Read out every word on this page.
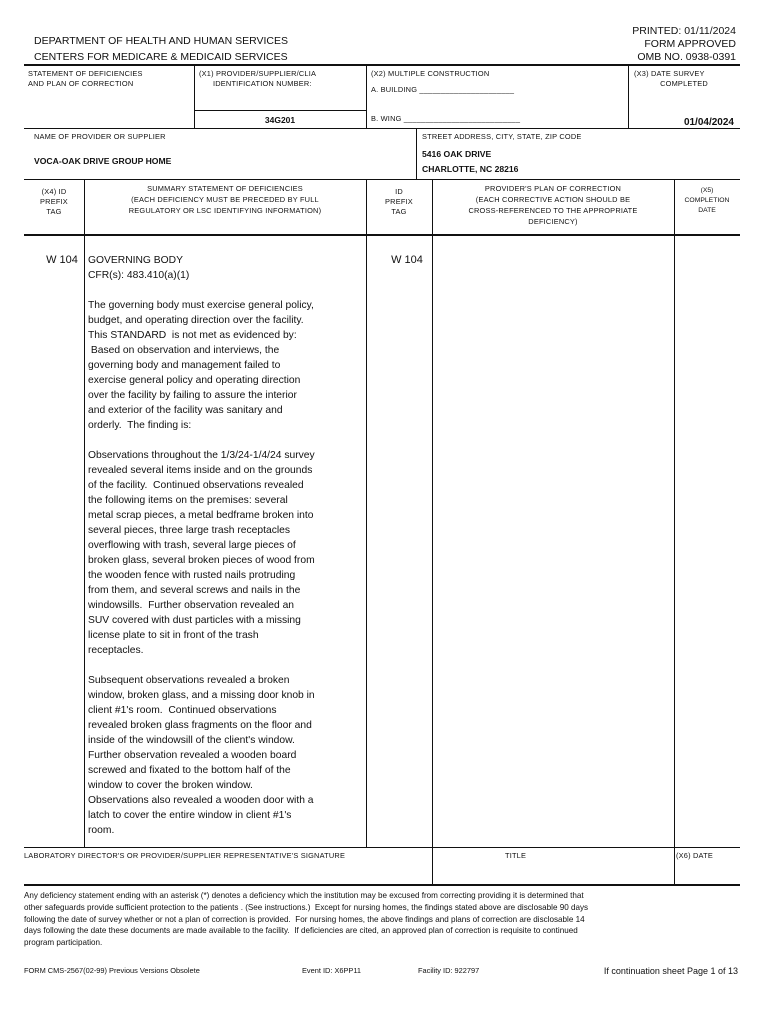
PRINTED: 01/11/2024
FORM APPROVED
OMB NO. 0938-0391
DEPARTMENT OF HEALTH AND HUMAN SERVICES
CENTERS FOR MEDICARE & MEDICAID SERVICES
STATEMENT OF DEFICIENCIES
AND PLAN OF CORRECTION
(X1) PROVIDER/SUPPLIER/CLIA
IDENTIFICATION NUMBER:
34G201
(X2) MULTIPLE CONSTRUCTION
A. BUILDING ______________________
B. WING ___________________________
(X3) DATE SURVEY
COMPLETED
01/04/2024
NAME OF PROVIDER OR SUPPLIER
VOCA-OAK DRIVE GROUP HOME
STREET ADDRESS, CITY, STATE, ZIP CODE
5416 OAK DRIVE
CHARLOTTE, NC 28216
(X4) ID
PREFIX
TAG
SUMMARY STATEMENT OF DEFICIENCIES
(EACH DEFICIENCY MUST BE PRECEDED BY FULL
REGULATORY OR LSC IDENTIFYING INFORMATION)
ID
PREFIX
TAG
PROVIDER'S PLAN OF CORRECTION
(EACH CORRECTIVE ACTION SHOULD BE
CROSS-REFERENCED TO THE APPROPRIATE
DEFICIENCY)
(X5)
COMPLETION
DATE
W 104 GOVERNING BODY
CFR(s): 483.410(a)(1)

The governing body must exercise general policy,
budget, and operating direction over the facility.
This STANDARD  is not met as evidenced by:
Based on observation and interviews, the
governing body and management failed to
exercise general policy and operating direction
over the facility by failing to assure the interior
and exterior of the facility was sanitary and
orderly.  The finding is:

Observations throughout the 1/3/24-1/4/24 survey
revealed several items inside and on the grounds
of the facility.  Continued observations revealed
the following items on the premises: several
metal scrap pieces, a metal bedframe broken into
several pieces, three large trash receptacles
overflowing with trash, several large pieces of
broken glass, several broken pieces of wood from
the wooden fence with rusted nails protruding
from them, and several screws and nails in the
windowsills.  Further observation revealed an
SUV covered with dust particles with a missing
license plate to sit in front of the trash
receptacles.

Subsequent observations revealed a broken
window, broken glass, and a missing door knob in
client #1's room.  Continued observations
revealed broken glass fragments on the floor and
inside of the windowsill of the client's window.
Further observation revealed a wooden board
screwed and fixated to the bottom half of the
window to cover the broken window.
Observations also revealed a wooden door with a
latch to cover the entire window in client #1's
room.
W 104
LABORATORY DIRECTOR'S OR PROVIDER/SUPPLIER REPRESENTATIVE'S SIGNATURE	TITLE	(X6) DATE
Any deficiency statement ending with an asterisk (*) denotes a deficiency which the institution may be excused from correcting providing it is determined that
other safeguards provide sufficient protection to the patients . (See instructions.)  Except for nursing homes, the findings stated above are disclosable 90 days
following the date of survey whether or not a plan of correction is provided.  For nursing homes, the above findings and plans of correction are disclosable 14
days following the date these documents are made available to the facility.  If deficiencies are cited, an approved plan of correction is requisite to continued
program participation.
FORM CMS-2567(02-99) Previous Versions Obsolete	Event ID: X6PP11	Facility ID: 922797	If continuation sheet Page 1 of 13
